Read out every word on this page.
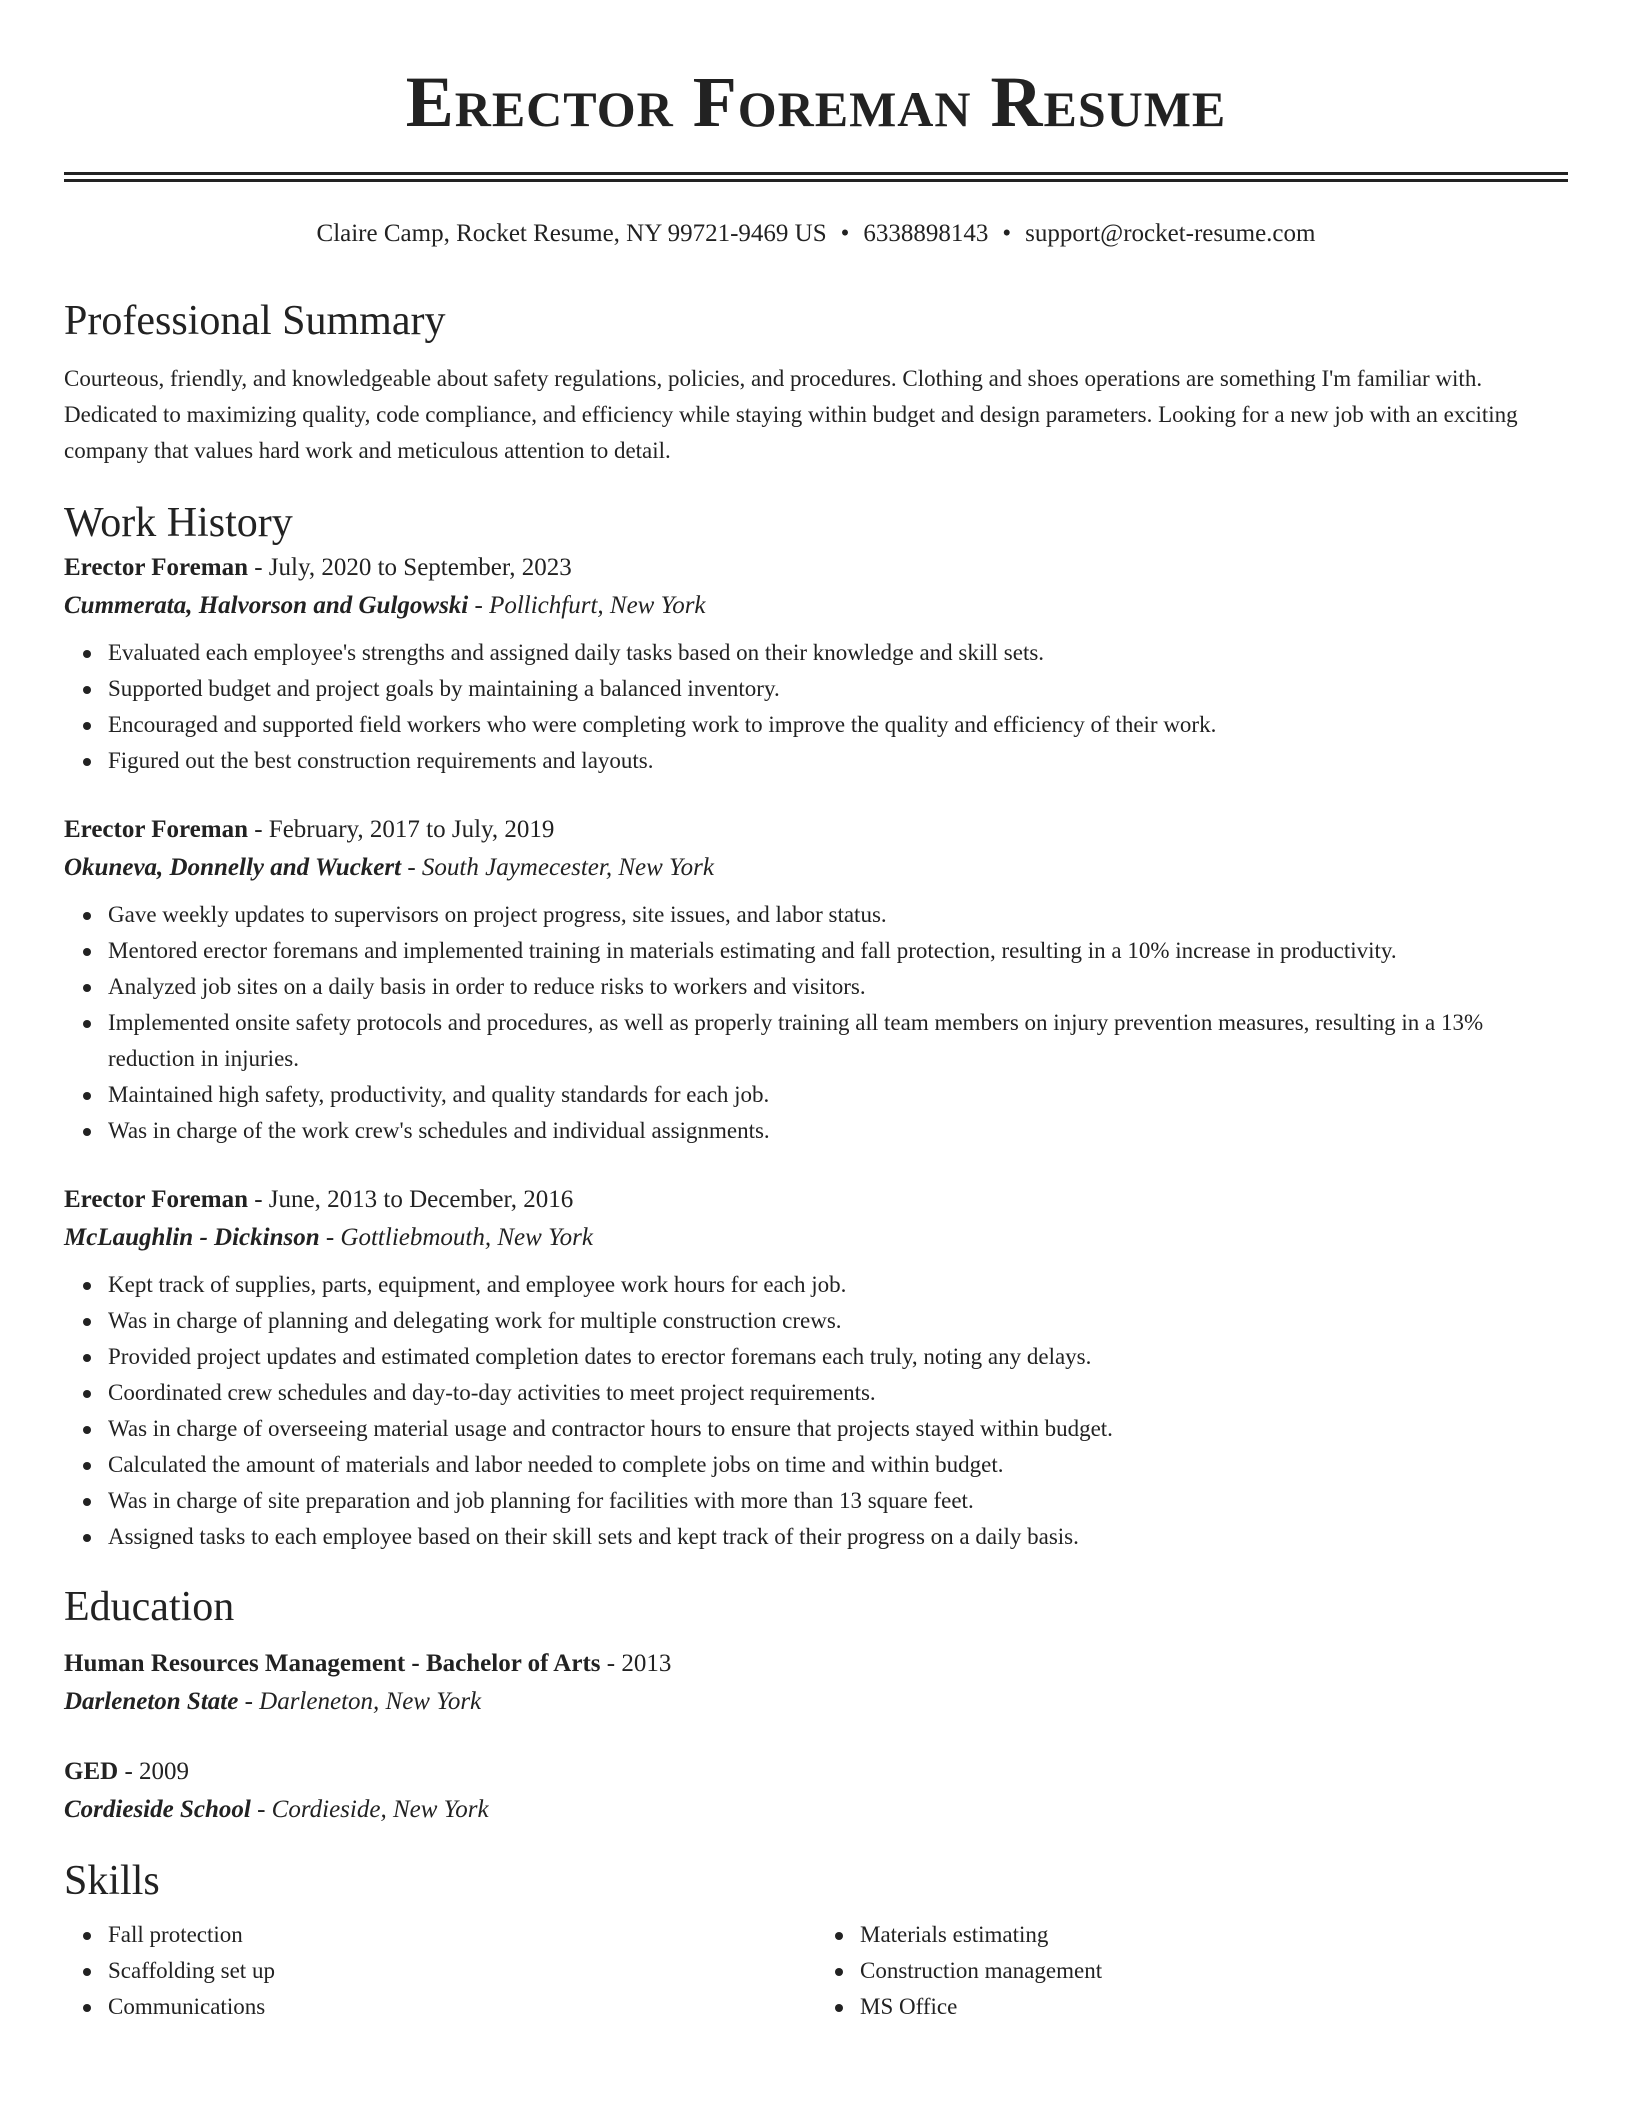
Erector Foreman Resume
Claire Camp, Rocket Resume, NY 99721-9469 US • 6338898143 • support@rocket-resume.com
Professional Summary

Courteous, friendly, and knowledgeable about safety regulations, policies, and procedures. Clothing and shoes operations are something I'm familiar with. Dedicated to maximizing quality, code compliance, and efficiency while staying within budget and design parameters. Looking for a new job with an exciting company that values hard work and meticulous attention to detail.

Work History
Erector Foreman - July, 2020 to September, 2023
Cummerata, Halvorson and Gulgowski - Pollichfurt, New York
Evaluated each employee's strengths and assigned daily tasks based on their knowledge and skill sets.
Supported budget and project goals by maintaining a balanced inventory.
Encouraged and supported field workers who were completing work to improve the quality and efficiency of their work.
Figured out the best construction requirements and layouts.
Erector Foreman - February, 2017 to July, 2019
Okuneva, Donnelly and Wuckert - South Jaymecester, New York
Gave weekly updates to supervisors on project progress, site issues, and labor status.
Mentored erector foremans and implemented training in materials estimating and fall protection, resulting in a 10% increase in productivity.
Analyzed job sites on a daily basis in order to reduce risks to workers and visitors.
Implemented onsite safety protocols and procedures, as well as properly training all team members on injury prevention measures, resulting in a 13% reduction in injuries.
Maintained high safety, productivity, and quality standards for each job.
Was in charge of the work crew's schedules and individual assignments.
Erector Foreman - June, 2013 to December, 2016
McLaughlin - Dickinson - Gottliebmouth, New York
Kept track of supplies, parts, equipment, and employee work hours for each job.
Was in charge of planning and delegating work for multiple construction crews.
Provided project updates and estimated completion dates to erector foremans each truly, noting any delays.
Coordinated crew schedules and day-to-day activities to meet project requirements.
Was in charge of overseeing material usage and contractor hours to ensure that projects stayed within budget.
Calculated the amount of materials and labor needed to complete jobs on time and within budget.
Was in charge of site preparation and job planning for facilities with more than 13 square feet.
Assigned tasks to each employee based on their skill sets and kept track of their progress on a daily basis.
Education
Human Resources Management - Bachelor of Arts - 2013
Darleneton State - Darleneton, New York
GED - 2009
Cordieside School - Cordieside, New York
Skills
Fall protection
Scaffolding set up
Communications
Materials estimating
Construction management
MS Office
